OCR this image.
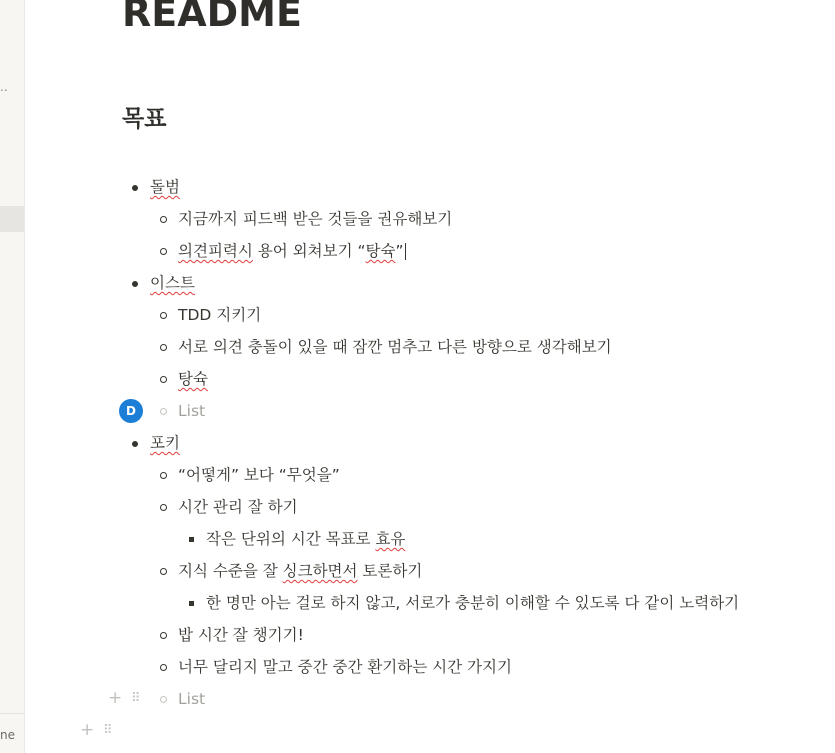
..
ne
README
목표
돌범
지금까지 피드백 받은 것들을 권유해보기
의견피력시 용어 외쳐보기 “탕슉”
이스트
TDD 지키기
서로 의견 충돌이 있을 때 잠깐 멈추고 다른 방향으로 생각해보기
탕슉
D	List
포키
“어떻게” 보다 “무엇을”
시간 관리 잘 하기
작은 단위의 시간 목표로 효유
지식 수준을 잘 싱크하면서 토론하기
한 명만 아는 걸로 하지 않고, 서로가 충분히 이해할 수 있도록 다 같이 노력하기
밥 시간 잘 챙기기!
너무 달리지 말고 중간 중간 환기하는 시간 가지기
+ ⠿ List
+ ⠿
